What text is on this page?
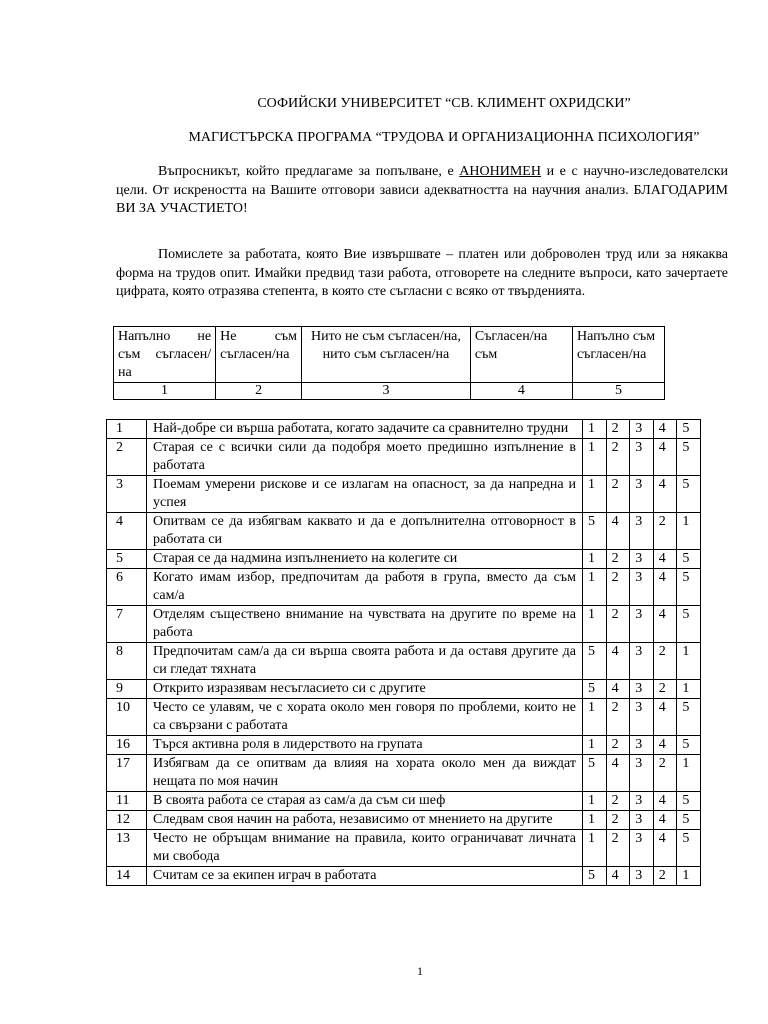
СОФИЙСКИ УНИВЕРСИТЕТ “СВ. КЛИМЕНТ ОХРИДСКИ”
МАГИСТЪРСКА ПРОГРАМА “ТРУДОВА И ОРГАНИЗАЦИОННА ПСИХОЛОГИЯ”

Въпросникът, който предлагаме за попълване, е АНОНИМЕН и е с научно-изследователски цели. От искреността на Вашите отговори зависи адекватността на научния анализ. БЛАГОДАРИМ ВИ ЗА УЧАСТИЕТО!

Помислете за работата, която Вие извършвате – платен или доброволен труд или за някаква форма на трудов опит. Имайки предвид тази работа, отговорете на следните въпроси, като зачертаете цифрата, която отразява степента, в която сте съгласни с всяко от твърденията.

Напълно не съм съгласен/на	Не съм съгласен/на	Нито не съм съгласен/на, нито съм съгласен/на	Съгласен/на съм	Напълно съм съгласен/на
1	2	3	4	5
1	Най-добре си върша работата, когато задачите са сравнително трудни	1	2	3	4	5
2	Старая се с всички сили да подобря моето предишно изпълнение в работата	1	2	3	4	5
3	Поемам умерени рискове и се излагам на опасност, за да напредна и успея	1	2	3	4	5
4	Опитвам се да избягвам каквато и да е допълнителна отговорност в работата си	5	4	3	2	1
5	Старая се да надмина изпълнението на колегите си	1	2	3	4	5
6	Когато имам избор, предпочитам да работя в група, вместо да съм сам/а	1	2	3	4	5
7	Отделям съществено внимание на чувствата на другите по време на работа	1	2	3	4	5
8	Предпочитам сам/а да си върша своята работа и да оставя другите да си гледат тяхната	5	4	3	2	1
9	Открито изразявам несъгласието си с другите	5	4	3	2	1
10	Често се улавям, че с хората около мен говоря по проблеми, които не са свързани с работата	1	2	3	4	5
16	Търся активна роля в лидерството на групата	1	2	3	4	5
17	Избягвам да се опитвам да влияя на хората около мен да виждат нещата по моя начин	5	4	3	2	1
11	В своята работа се старая аз сам/а да съм си шеф	1	2	3	4	5
12	Следвам своя начин на работа, независимо от мнението на другите	1	2	3	4	5
13	Често не обръщам внимание на правила, които ограничават личната ми свобода	1	2	3	4	5
14	Считам се за екипен играч в работата	5	4	3	2	1
1
